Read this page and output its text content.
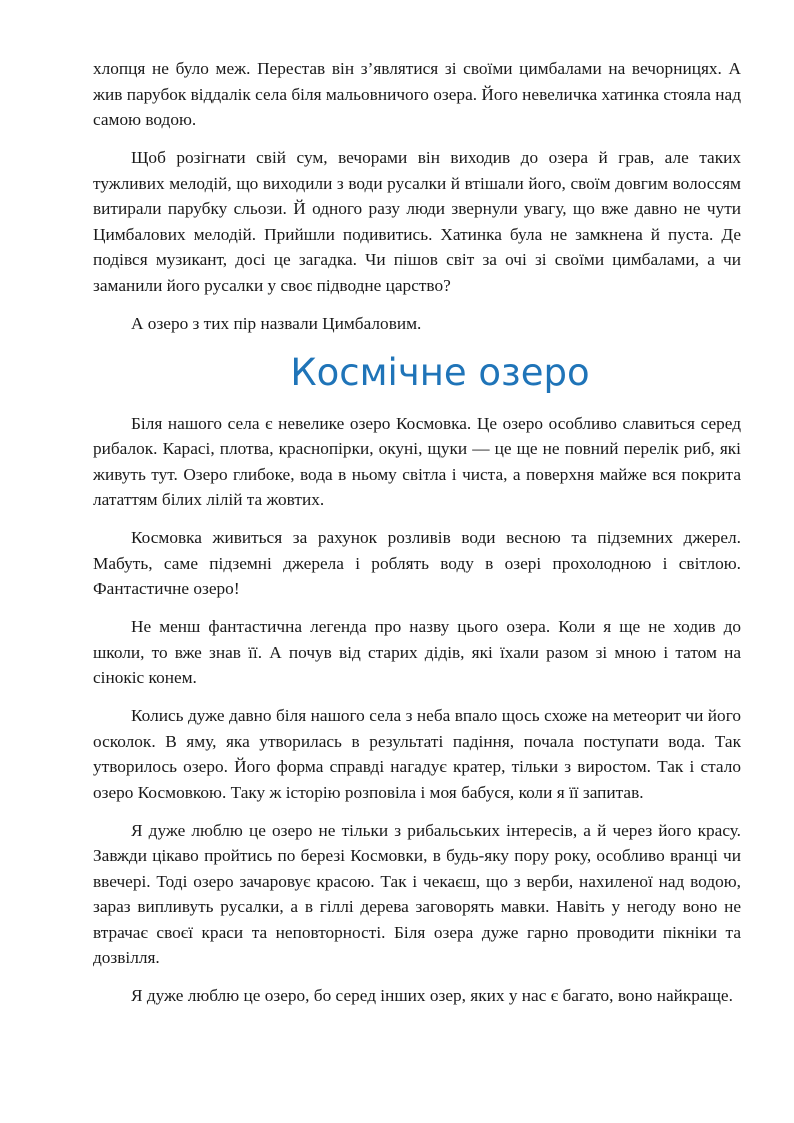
хлопця не було меж. Перестав він з’являтися зі своїми цимбалами на вечорницях. А жив парубок віддалік села біля мальовничого озера. Його невеличка хатинка стояла над самою водою.

Щоб розігнати свій сум, вечорами він виходив до озера й грав, але таких тужливих мелодій, що виходили з води русалки й втішали його, своїм довгим волоссям витирали парубку сльози. Й одного разу люди звернули увагу, що вже давно не чути Цимбалових мелодій. Прийшли подивитись. Хатинка була не замкнена й пуста. Де подівся музикант, досі це загадка. Чи пішов світ за очі зі своїми цимбалами, а чи заманили його русалки у своє підводне царство?

А озеро з тих пір назвали Цимбаловим.

Космічне озеро

Біля нашого села є невелике озеро Космовка. Це озеро особливо славиться серед рибалок. Карасі, плотва, краснопірки, окуні, щуки — це ще не повний перелік риб, які живуть тут. Озеро глибоке, вода в ньому світла і чиста, а поверхня майже вся покрита лататтям білих лілій та жовтих.

Космовка живиться за рахунок розливів води весною та підземних джерел. Мабуть, саме підземні джерела і роблять воду в озері прохолодною і світлою. Фантастичне озеро!

Не менш фантастична легенда про назву цього озера. Коли я ще не ходив до школи, то вже знав її. А почув від старих дідів, які їхали разом зі мною і татом на сінокіс конем.

Колись дуже давно біля нашого села з неба впало щось схоже на метеорит чи його осколок. В яму, яка утворилась в результаті падіння, почала поступати вода. Так утворилось озеро. Його форма справді нагадує кратер, тільки з виростом. Так і стало озеро Космовкою. Таку ж історію розповіла і моя бабуся, коли я її запитав.

Я дуже люблю це озеро не тільки з рибальських інтересів, а й через його красу. Завжди цікаво пройтись по березі Космовки, в будь-яку пору року, особливо вранці чи ввечері. Тоді озеро зачаровує красою. Так і чекаєш, що з верби, нахиленої над водою, зараз випливуть русалки, а в гіллі дерева заговорять мавки. Навіть у негоду воно не втрачає своєї краси та неповторності. Біля озера дуже гарно проводити пікніки та дозвілля.

Я дуже люблю це озеро, бо серед інших озер, яких у нас є багато, воно найкраще.
